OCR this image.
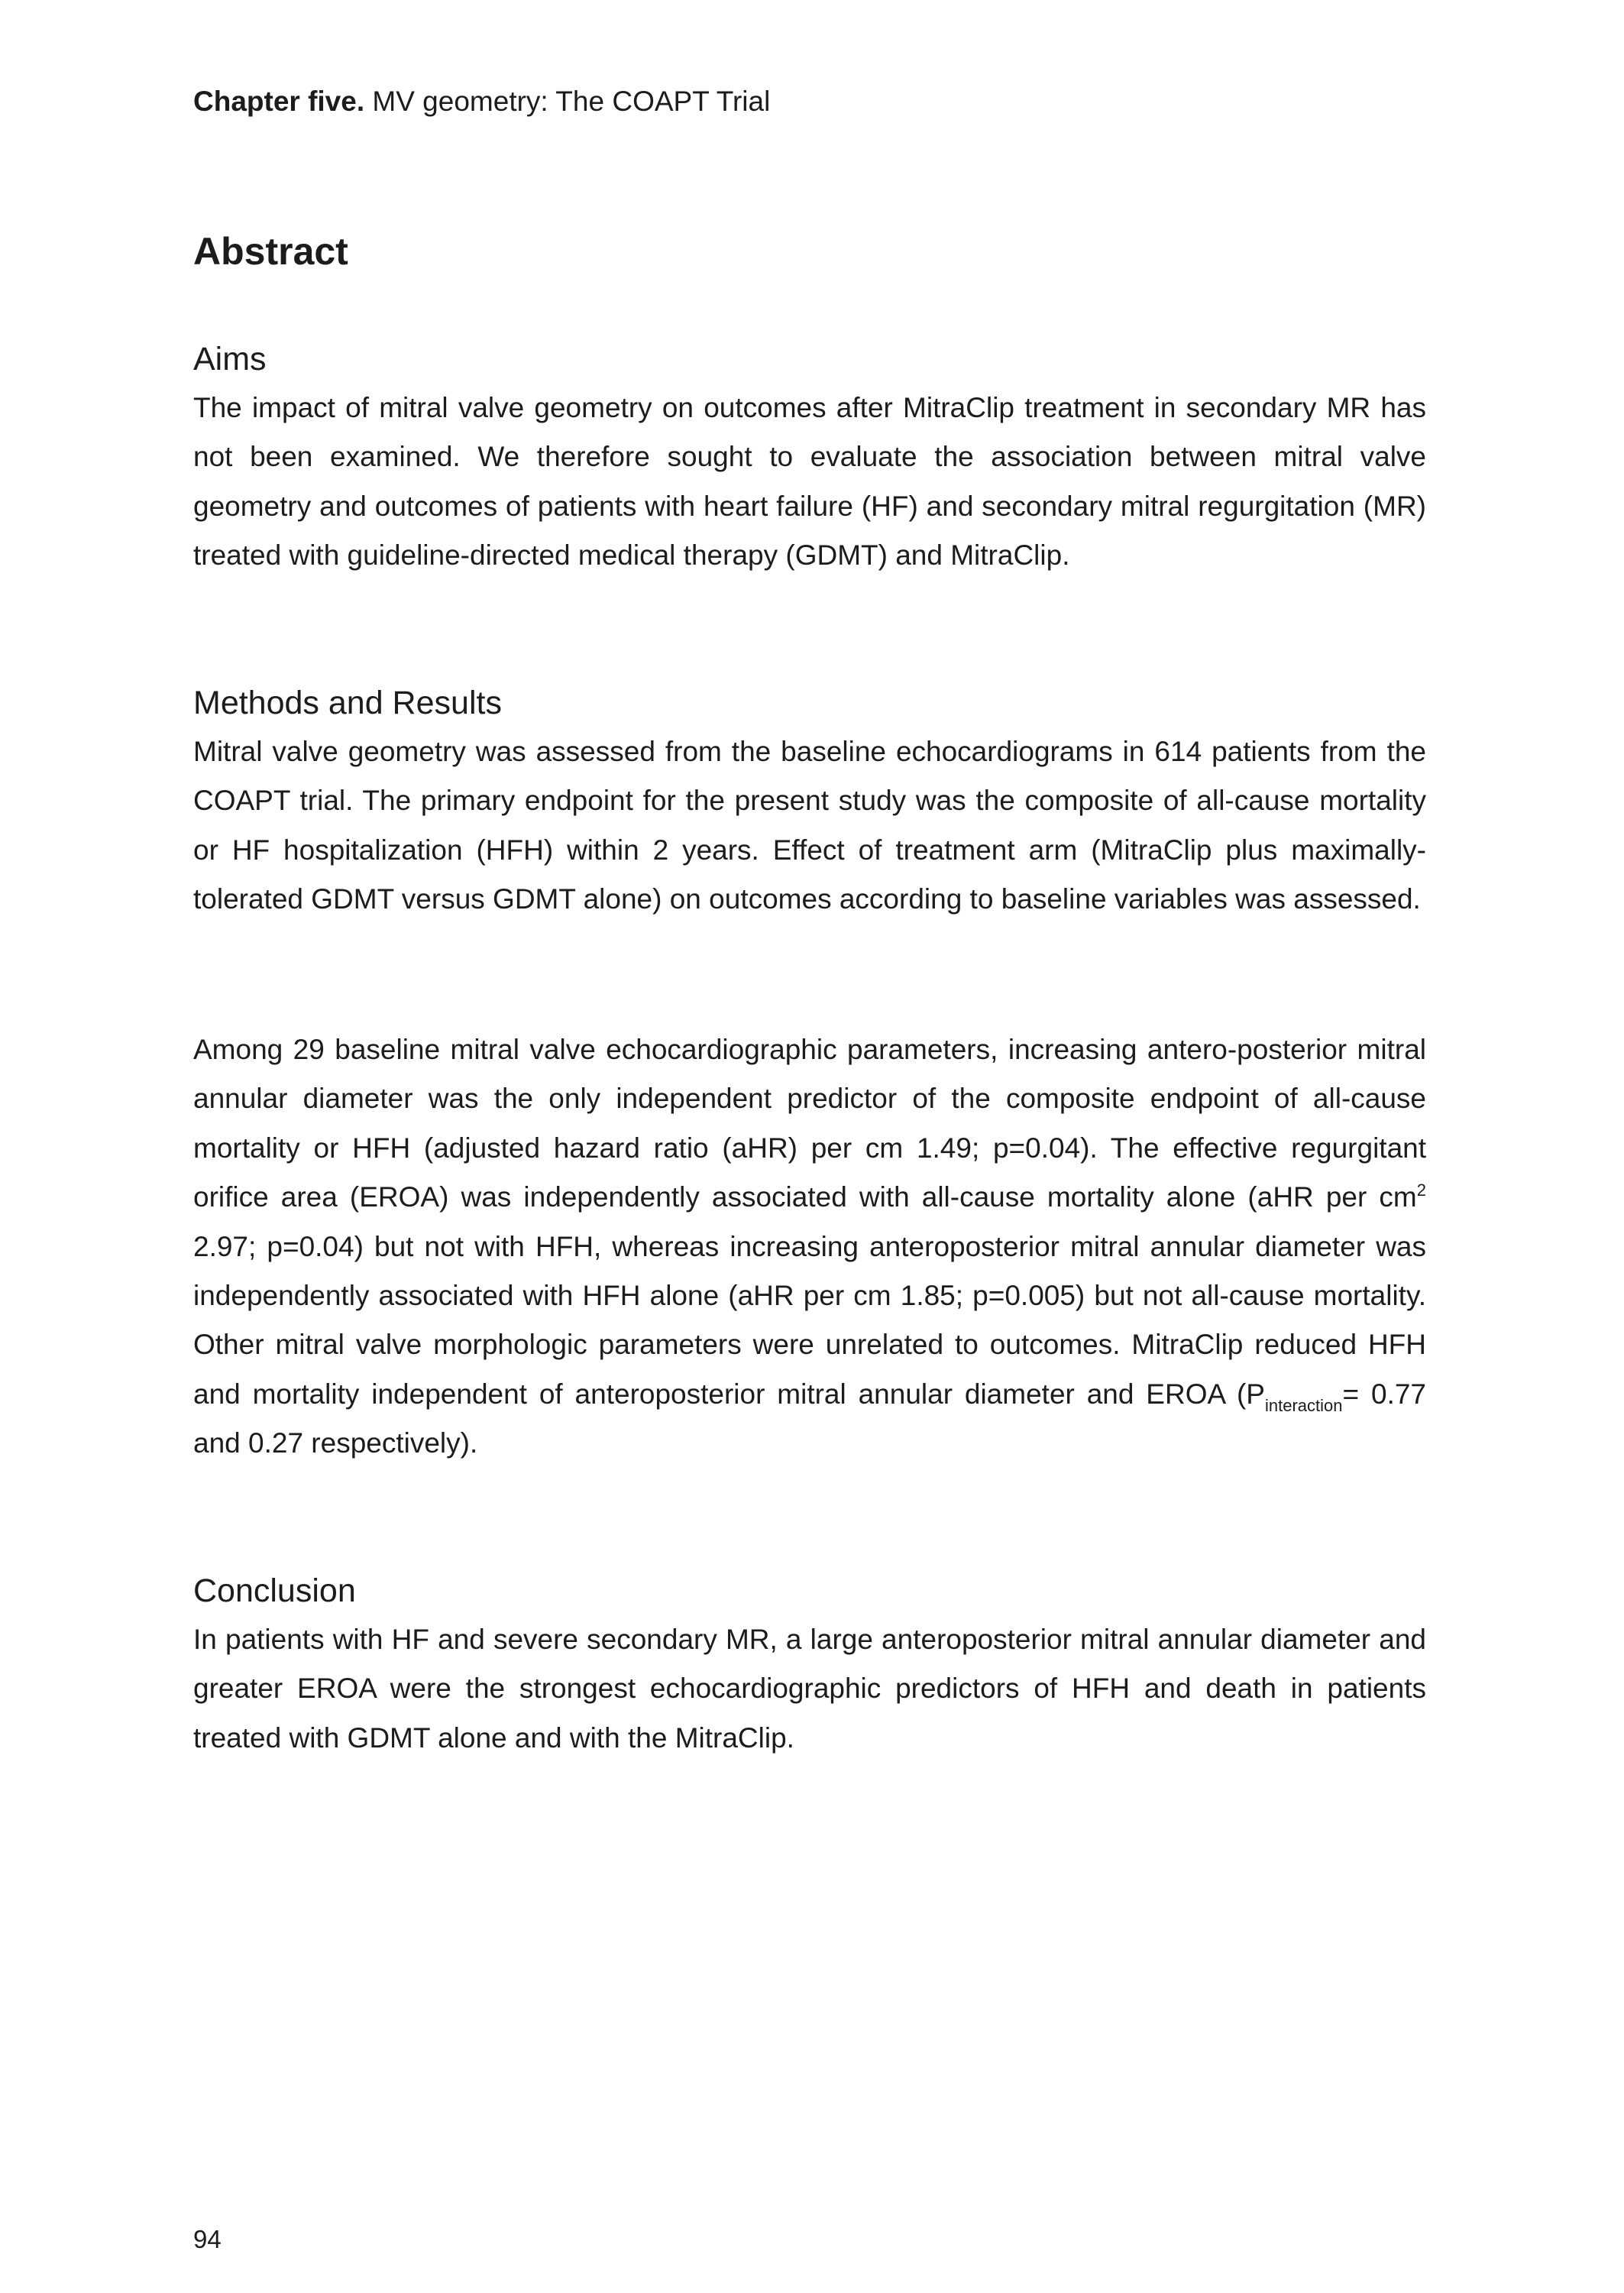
Chapter five. MV geometry: The COAPT Trial
Abstract
Aims

The impact of mitral valve geometry on outcomes after MitraClip treatment in secondary MR has not been examined. We therefore sought to evaluate the association between mitral valve geometry and outcomes of patients with heart failure (HF) and secondary mitral regurgitation (MR) treated with guideline-directed medical therapy (GDMT) and MitraClip.

Methods and Results

Mitral valve geometry was assessed from the baseline echocardiograms in 614 patients from the COAPT trial. The primary endpoint for the present study was the composite of all-cause mortality or HF hospitalization (HFH) within 2 years. Effect of treatment arm (MitraClip plus maximally-tolerated GDMT versus GDMT alone) on outcomes according to baseline variables was assessed.

Among 29 baseline mitral valve echocardiographic parameters, increasing antero-posterior mitral annular diameter was the only independent predictor of the composite endpoint of all-cause mortality or HFH (adjusted hazard ratio (aHR) per cm 1.49; p=0.04). The effective regurgitant orifice area (EROA) was independently associated with all-cause mortality alone (aHR per $cm^2$ 2.97; p=0.04) but not with HFH, whereas increasing anteroposterior mitral annular diameter was independently associated with HFH alone (aHR per cm 1.85; p=0.005) but not all-cause mortality. Other mitral valve morphologic parameters were unrelated to outcomes. MitraClip reduced HFH and mortality independent of anteroposterior mitral annular diameter and EROA ($P_{interaction}= 0.77$ and 0.27 respectively).

Conclusion

In patients with HF and severe secondary MR, a large anteroposterior mitral annular diameter and greater EROA were the strongest echocardiographic predictors of HFH and death in patients treated with GDMT alone and with the MitraClip.

94
